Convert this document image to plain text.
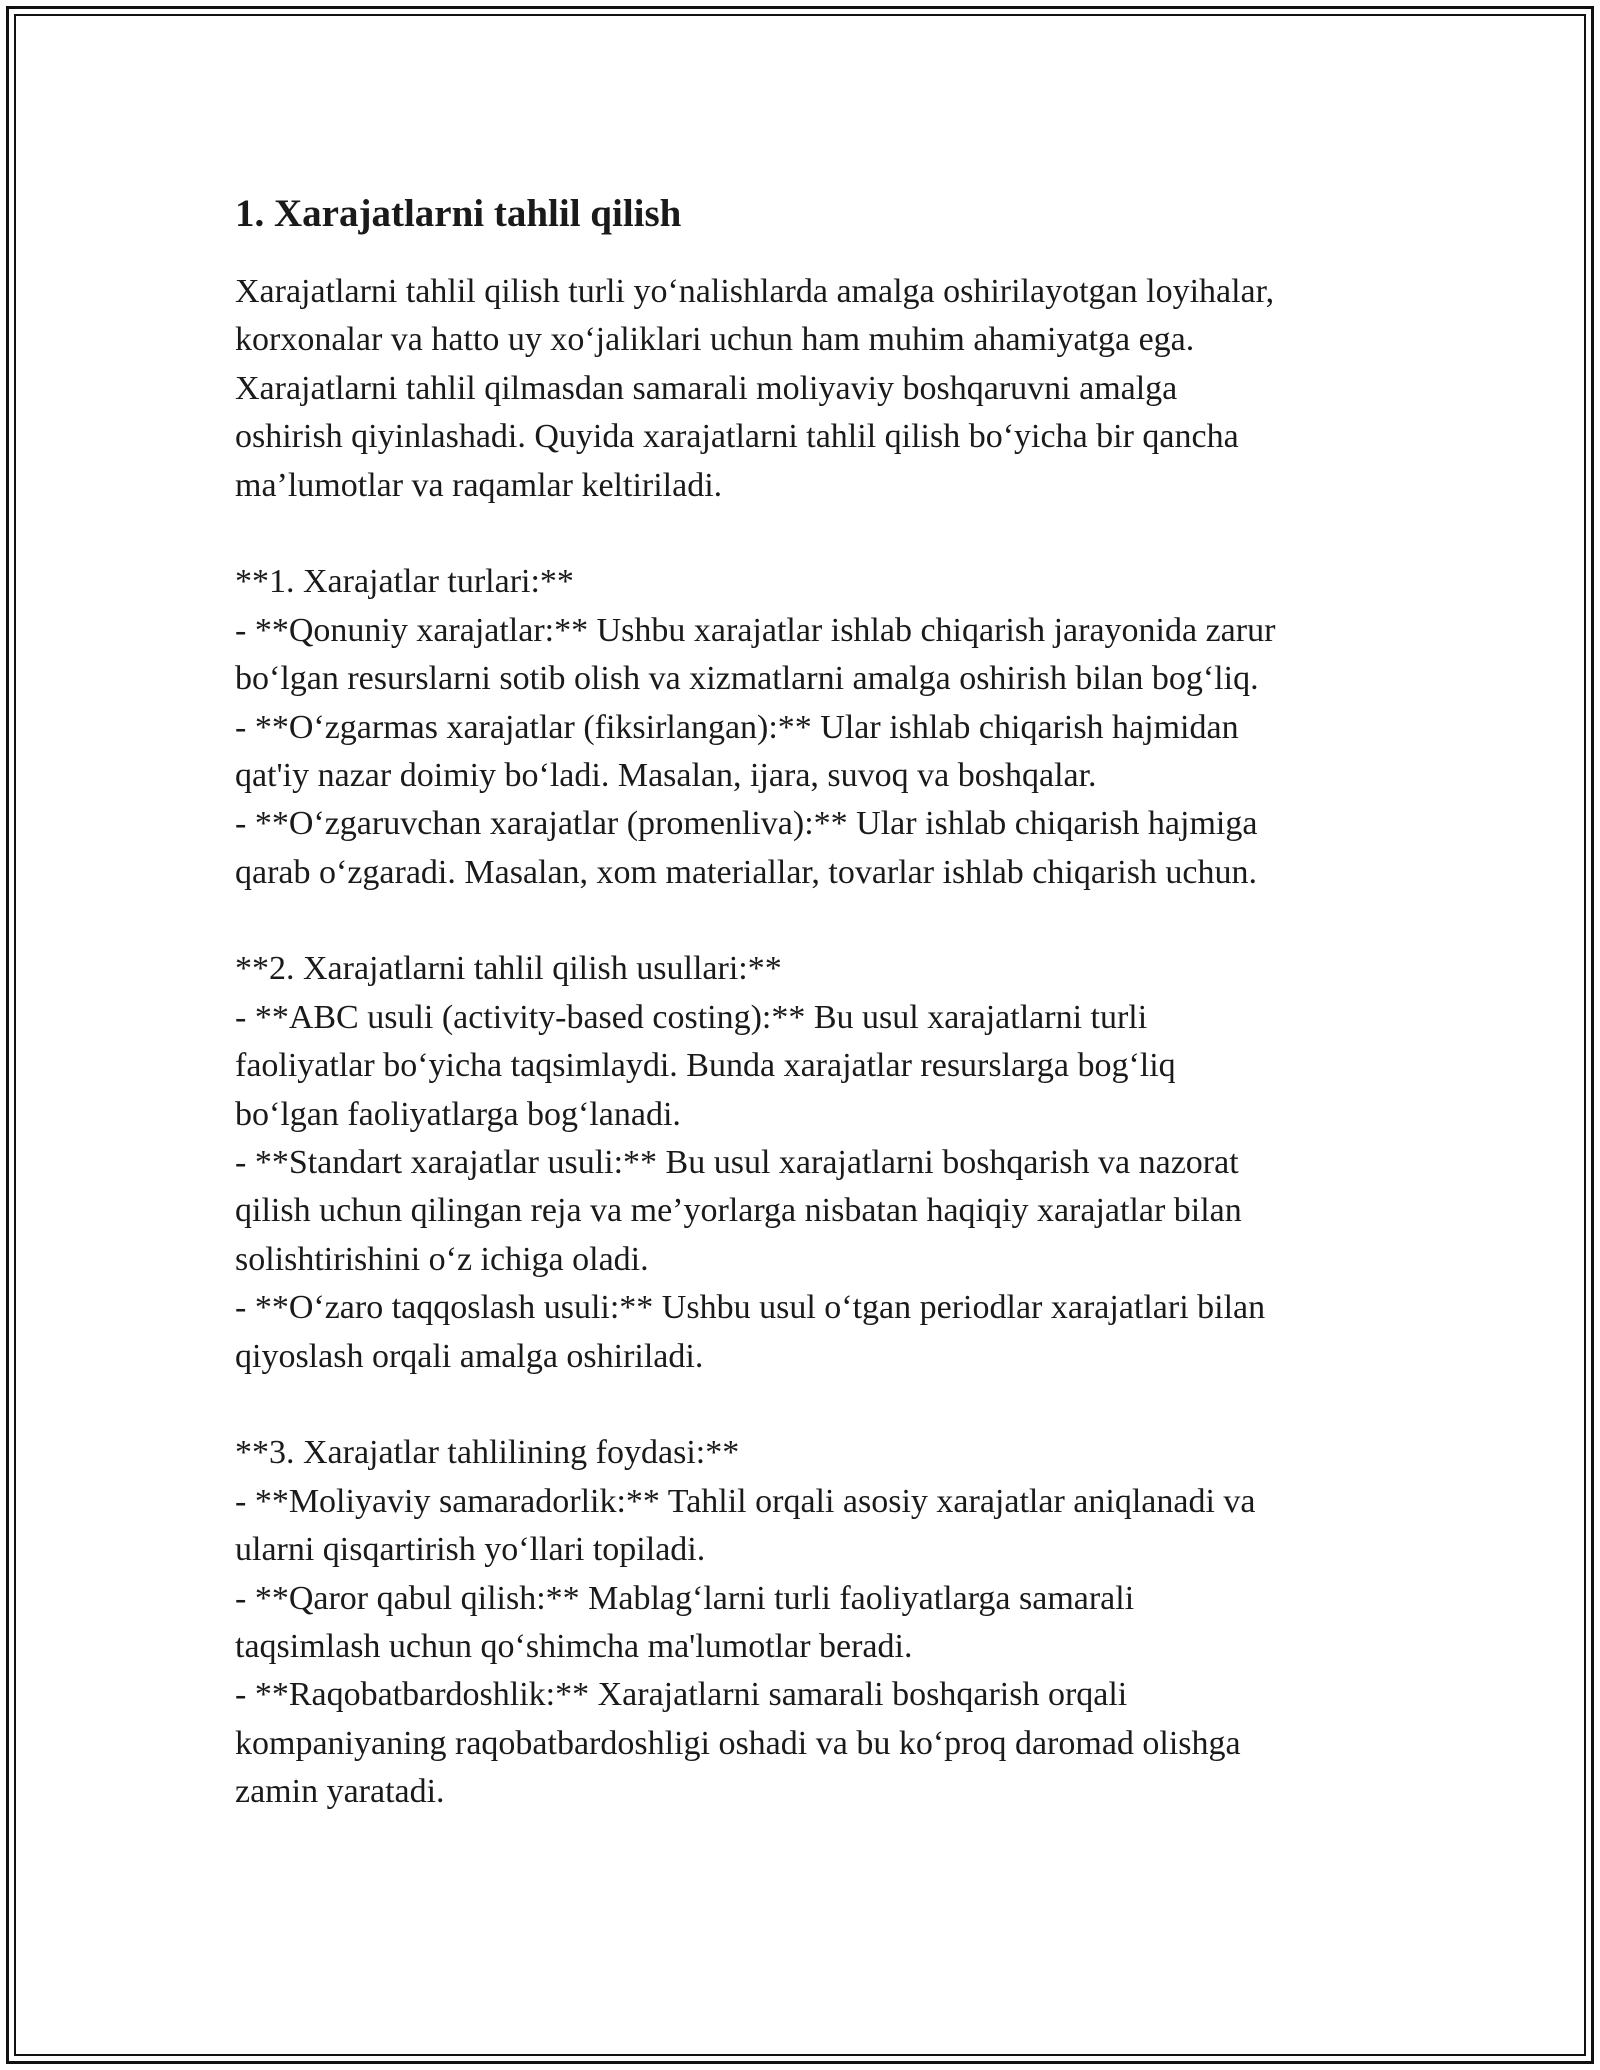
1. Xarajatlarni tahlil qilish
Xarajatlarni tahlil qilish turli yo‘nalishlarda amalga oshirilayotgan loyihalar,
korxonalar va hatto uy xo‘jaliklari uchun ham muhim ahamiyatga ega.
Xarajatlarni tahlil qilmasdan samarali moliyaviy boshqaruvni amalga
oshirish qiyinlashadi. Quyida xarajatlarni tahlil qilish bo‘yicha bir qancha
ma’lumotlar va raqamlar keltiriladi.
**1. Xarajatlar turlari:**
- **Qonuniy xarajatlar:** Ushbu xarajatlar ishlab chiqarish jarayonida zarur
bo‘lgan resurslarni sotib olish va xizmatlarni amalga oshirish bilan bog‘liq.
- **O‘zgarmas xarajatlar (fiksirlangan):** Ular ishlab chiqarish hajmidan
qat'iy nazar doimiy bo‘ladi. Masalan, ijara, suvoq va boshqalar.
- **O‘zgaruvchan xarajatlar (promenliva):** Ular ishlab chiqarish hajmiga
qarab o‘zgaradi. Masalan, xom materiallar, tovarlar ishlab chiqarish uchun.
**2. Xarajatlarni tahlil qilish usullari:**
- **ABC usuli (activity-based costing):** Bu usul xarajatlarni turli
faoliyatlar bo‘yicha taqsimlaydi. Bunda xarajatlar resurslarga bog‘liq
bo‘lgan faoliyatlarga bog‘lanadi.
- **Standart xarajatlar usuli:** Bu usul xarajatlarni boshqarish va nazorat
qilish uchun qilingan reja va me’yorlarga nisbatan haqiqiy xarajatlar bilan
solishtirishini o‘z ichiga oladi.
- **O‘zaro taqqoslash usuli:** Ushbu usul o‘tgan periodlar xarajatlari bilan
qiyoslash orqali amalga oshiriladi.
**3. Xarajatlar tahlilining foydasi:**
- **Moliyaviy samaradorlik:** Tahlil orqali asosiy xarajatlar aniqlanadi va
ularni qisqartirish yo‘llari topiladi.
- **Qaror qabul qilish:** Mablag‘larni turli faoliyatlarga samarali
taqsimlash uchun qo‘shimcha ma'lumotlar beradi.
- **Raqobatbardoshlik:** Xarajatlarni samarali boshqarish orqali
kompaniyaning raqobatbardoshligi oshadi va bu ko‘proq daromad olishga
zamin yaratadi.
